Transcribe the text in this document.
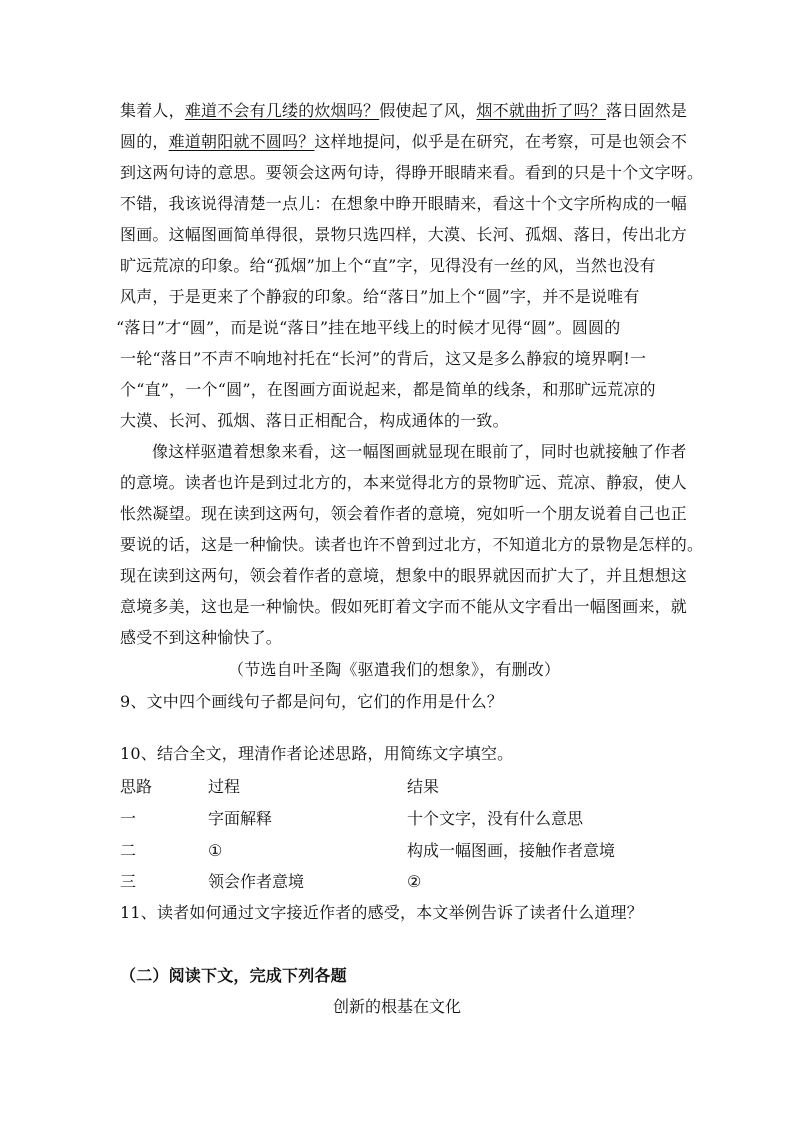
集着人，难道不会有几缕的炊烟吗？假使起了风，烟不就曲折了吗？落日固然是
圆的，难道朝阳就不圆吗？这样地提问，似乎是在研究，在考察，可是也领会不
到这两句诗的意思。要领会这两句诗，得睁开眼睛来看。看到的只是十个文字呀。
不错，我该说得清楚一点儿：在想象中睁开眼睛来，看这十个文字所构成的一幅
图画。这幅图画简单得很，景物只选四样，大漠、长河、孤烟、落日，传出北方
旷远荒凉的印象。给“孤烟”加上个“直”字，见得没有一丝的风，当然也没有
风声，于是更来了个静寂的印象。给“落日”加上个“圆”字，并不是说唯有
“落日”才“圆”，而是说“落日”挂在地平线上的时候才见得“圆”。圆圆的
一轮“落日”不声不响地衬托在“长河”的背后，这又是多么静寂的境界啊!一
个“直”，一个“圆”，在图画方面说起来，都是简单的线条，和那旷远荒凉的
大漠、长河、孤烟、落日正相配合，构成通体的一致。
像这样驱遣着想象来看，这一幅图画就显现在眼前了，同时也就接触了作者
的意境。读者也许是到过北方的，本来觉得北方的景物旷远、荒凉、静寂，使人
怅然凝望。现在读到这两句，领会着作者的意境，宛如听一个朋友说着自己也正
要说的话，这是一种愉快。读者也许不曾到过北方，不知道北方的景物是怎样的。
现在读到这两句，领会着作者的意境，想象中的眼界就因而扩大了，并且想想这
意境多美，这也是一种愉快。假如死盯着文字而不能从文字看出一幅图画来，就
感受不到这种愉快了。
（节选自叶圣陶《驱遣我们的想象》，有删改）
9、文中四个画线句子都是问句，它们的作用是什么？
10、结合全文，理清作者论述思路，用简练文字填空。
思路	过程	结果
一	字面解释	十个文字，没有什么意思
二	①	构成一幅图画，接触作者意境
三	领会作者意境	②
11、读者如何通过文字接近作者的感受，本文举例告诉了读者什么道理？
（二）阅读下文，完成下列各题
创新的根基在文化
